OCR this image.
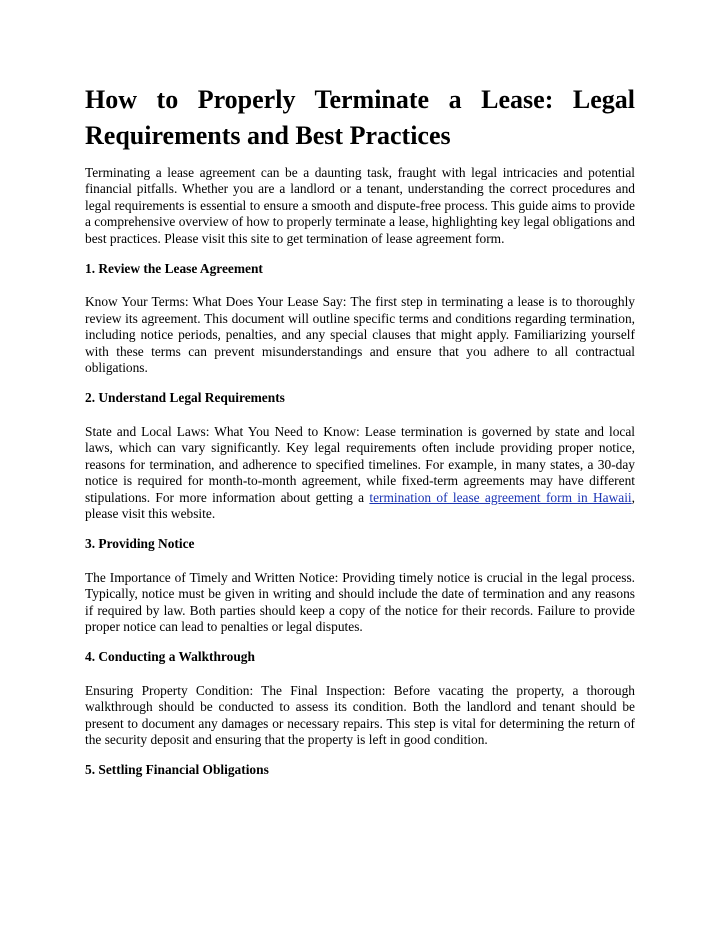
How to Properly Terminate a Lease: Legal
Requirements and Best Practices

Terminating a lease agreement can be a daunting task, fraught with legal intricacies and potential financial pitfalls. Whether you are a landlord or a tenant, understanding the correct procedures and legal requirements is essential to ensure a smooth and dispute-free process. This guide aims to provide a comprehensive overview of how to properly terminate a lease, highlighting key legal obligations and best practices. Please visit this site to get termination of lease agreement form.

1. Review the Lease Agreement

Know Your Terms: What Does Your Lease Say: The first step in terminating a lease is to thoroughly review its agreement. This document will outline specific terms and conditions regarding termination, including notice periods, penalties, and any special clauses that might apply. Familiarizing yourself with these terms can prevent misunderstandings and ensure that you adhere to all contractual obligations.

2. Understand Legal Requirements

State and Local Laws: What You Need to Know: Lease termination is governed by state and local laws, which can vary significantly. Key legal requirements often include providing proper notice, reasons for termination, and adherence to specified timelines. For example, in many states, a 30-day notice is required for month-to-month agreement, while fixed-term agreements may have different stipulations. For more information about getting a termination of lease agreement form in Hawaii, please visit this website.

3. Providing Notice

The Importance of Timely and Written Notice: Providing timely notice is crucial in the legal process. Typically, notice must be given in writing and should include the date of termination and any reasons if required by law. Both parties should keep a copy of the notice for their records. Failure to provide proper notice can lead to penalties or legal disputes.

4. Conducting a Walkthrough

Ensuring Property Condition: The Final Inspection: Before vacating the property, a thorough walkthrough should be conducted to assess its condition. Both the landlord and tenant should be present to document any damages or necessary repairs. This step is vital for determining the return of the security deposit and ensuring that the property is left in good condition.

5. Settling Financial Obligations
